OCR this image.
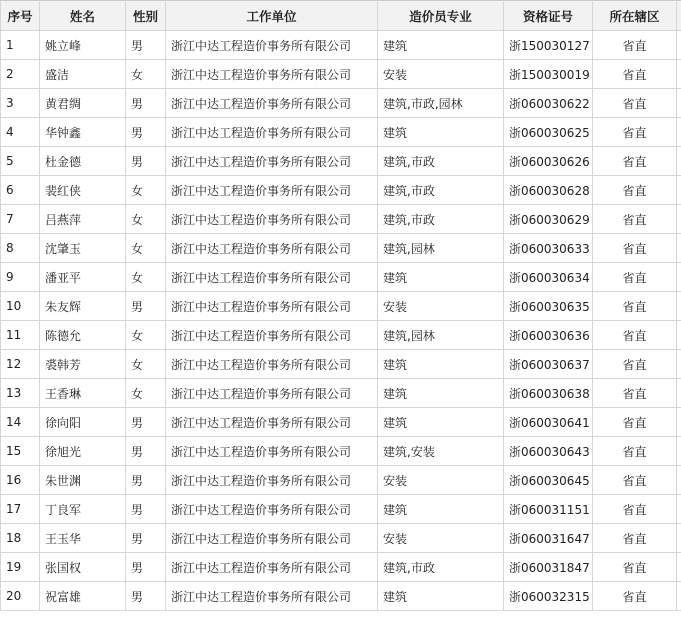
序号	姓名	性别	工作单位	造价员专业	资格证号	所在辖区	
1	姚立峰	男	浙江中达工程造价事务所有限公司	建筑	浙150030127	省直	
2	盛洁	女	浙江中达工程造价事务所有限公司	安装	浙150030019	省直	
3	黄君绸	男	浙江中达工程造价事务所有限公司	建筑,市政,园林	浙060030622	省直	
4	华钟鑫	男	浙江中达工程造价事务所有限公司	建筑	浙060030625	省直	
5	杜金德	男	浙江中达工程造价事务所有限公司	建筑,市政	浙060030626	省直	
6	裴红侠	女	浙江中达工程造价事务所有限公司	建筑,市政	浙060030628	省直	
7	吕燕萍	女	浙江中达工程造价事务所有限公司	建筑,市政	浙060030629	省直	
8	沈肇玉	女	浙江中达工程造价事务所有限公司	建筑,园林	浙060030633	省直	
9	潘亚平	女	浙江中达工程造价事务所有限公司	建筑	浙060030634	省直	
10	朱友辉	男	浙江中达工程造价事务所有限公司	安装	浙060030635	省直	
11	陈德允	女	浙江中达工程造价事务所有限公司	建筑,园林	浙060030636	省直	
12	裘韩芳	女	浙江中达工程造价事务所有限公司	建筑	浙060030637	省直	
13	王香琳	女	浙江中达工程造价事务所有限公司	建筑	浙060030638	省直	
14	徐向阳	男	浙江中达工程造价事务所有限公司	建筑	浙060030641	省直	
15	徐旭光	男	浙江中达工程造价事务所有限公司	建筑,安装	浙060030643	省直	
16	朱世渊	男	浙江中达工程造价事务所有限公司	安装	浙060030645	省直	
17	丁良军	男	浙江中达工程造价事务所有限公司	建筑	浙060031151	省直	
18	王玉华	男	浙江中达工程造价事务所有限公司	安装	浙060031647	省直	
19	张国权	男	浙江中达工程造价事务所有限公司	建筑,市政	浙060031847	省直	
20	祝富雄	男	浙江中达工程造价事务所有限公司	建筑	浙060032315	省直	
